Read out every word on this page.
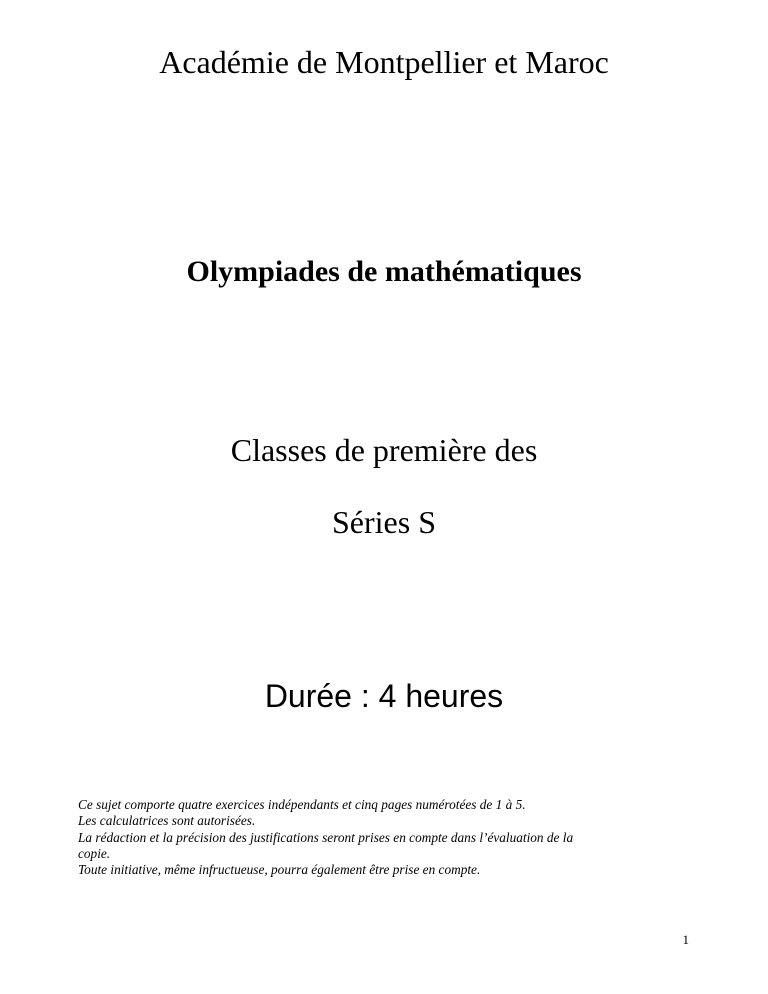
Académie de Montpellier et Maroc
Olympiades de mathématiques
Classes de première des
Séries S
Durée : 4 heures
Ce sujet comporte quatre exercices indépendants et cinq pages numérotées de 1 à 5.
Les calculatrices sont autorisées.
La rédaction et la précision des justifications seront prises en compte dans l’évaluation de la
copie.
Toute initiative, même infructueuse, pourra également être prise en compte.
1
